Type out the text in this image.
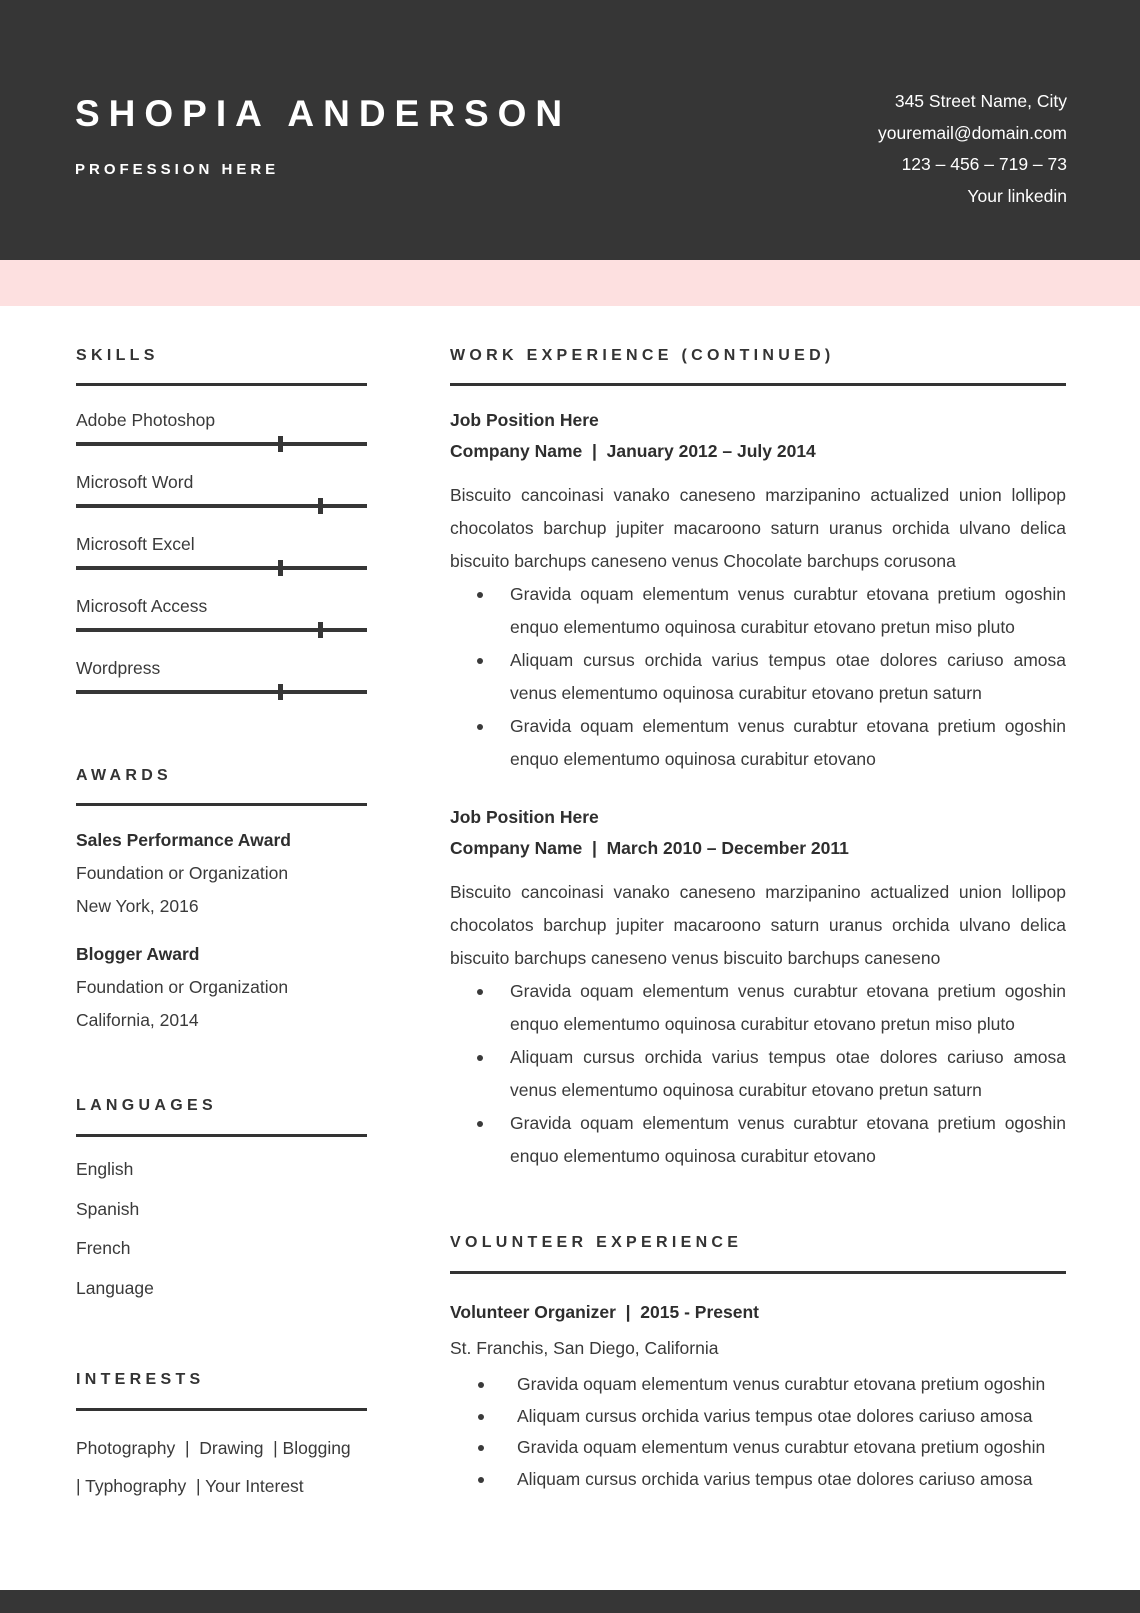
SHOPIA ANDERSON
PROFESSION HERE
345 Street Name, City
youremail@domain.com
123 – 456 – 719 – 73
Your linkedin
SKILLS
Adobe Photoshop
Microsoft Word
Microsoft Excel
Microsoft Access
Wordpress
AWARDS
Sales Performance Award
Foundation or Organization
New York, 2016
Blogger Award
Foundation or Organization
California, 2014
LANGUAGES
English
Spanish
French
Language
INTERESTS
Photography  |  Drawing  | Blogging
| Typhography  | Your Interest
WORK EXPERIENCE (CONTINUED)
Job Position Here
Company Name  |  January 2012 – July 2014
Biscuito cancoinasi vanako caneseno marzipanino actualized union lollipop chocolatos barchup jupiter macaroono saturn uranus orchida ulvano delica biscuito barchups caneseno venus Chocolate barchups corusona
Gravida oquam elementum venus curabtur etovana pretium ogoshin enquo elementumo oquinosa curabitur etovano pretun miso pluto
Aliquam cursus orchida varius tempus otae dolores cariuso amosa venus elementumo oquinosa curabitur etovano pretun saturn
Gravida oquam elementum venus curabtur etovana pretium ogoshin enquo elementumo oquinosa curabitur etovano
Job Position Here
Company Name  |  March 2010 – December 2011
Biscuito cancoinasi vanako caneseno marzipanino actualized union lollipop chocolatos barchup jupiter macaroono saturn uranus orchida ulvano delica biscuito barchups caneseno venus biscuito barchups caneseno
Gravida oquam elementum venus curabtur etovana pretium ogoshin enquo elementumo oquinosa curabitur etovano pretun miso pluto
Aliquam cursus orchida varius tempus otae dolores cariuso amosa venus elementumo oquinosa curabitur etovano pretun saturn
Gravida oquam elementum venus curabtur etovana pretium ogoshin enquo elementumo oquinosa curabitur etovano
VOLUNTEER EXPERIENCE
Volunteer Organizer  |  2015 - Present
St. Franchis, San Diego, California
Gravida oquam elementum venus curabtur etovana pretium ogoshin
Aliquam cursus orchida varius tempus otae dolores cariuso amosa
Gravida oquam elementum venus curabtur etovana pretium ogoshin
Aliquam cursus orchida varius tempus otae dolores cariuso amosa
